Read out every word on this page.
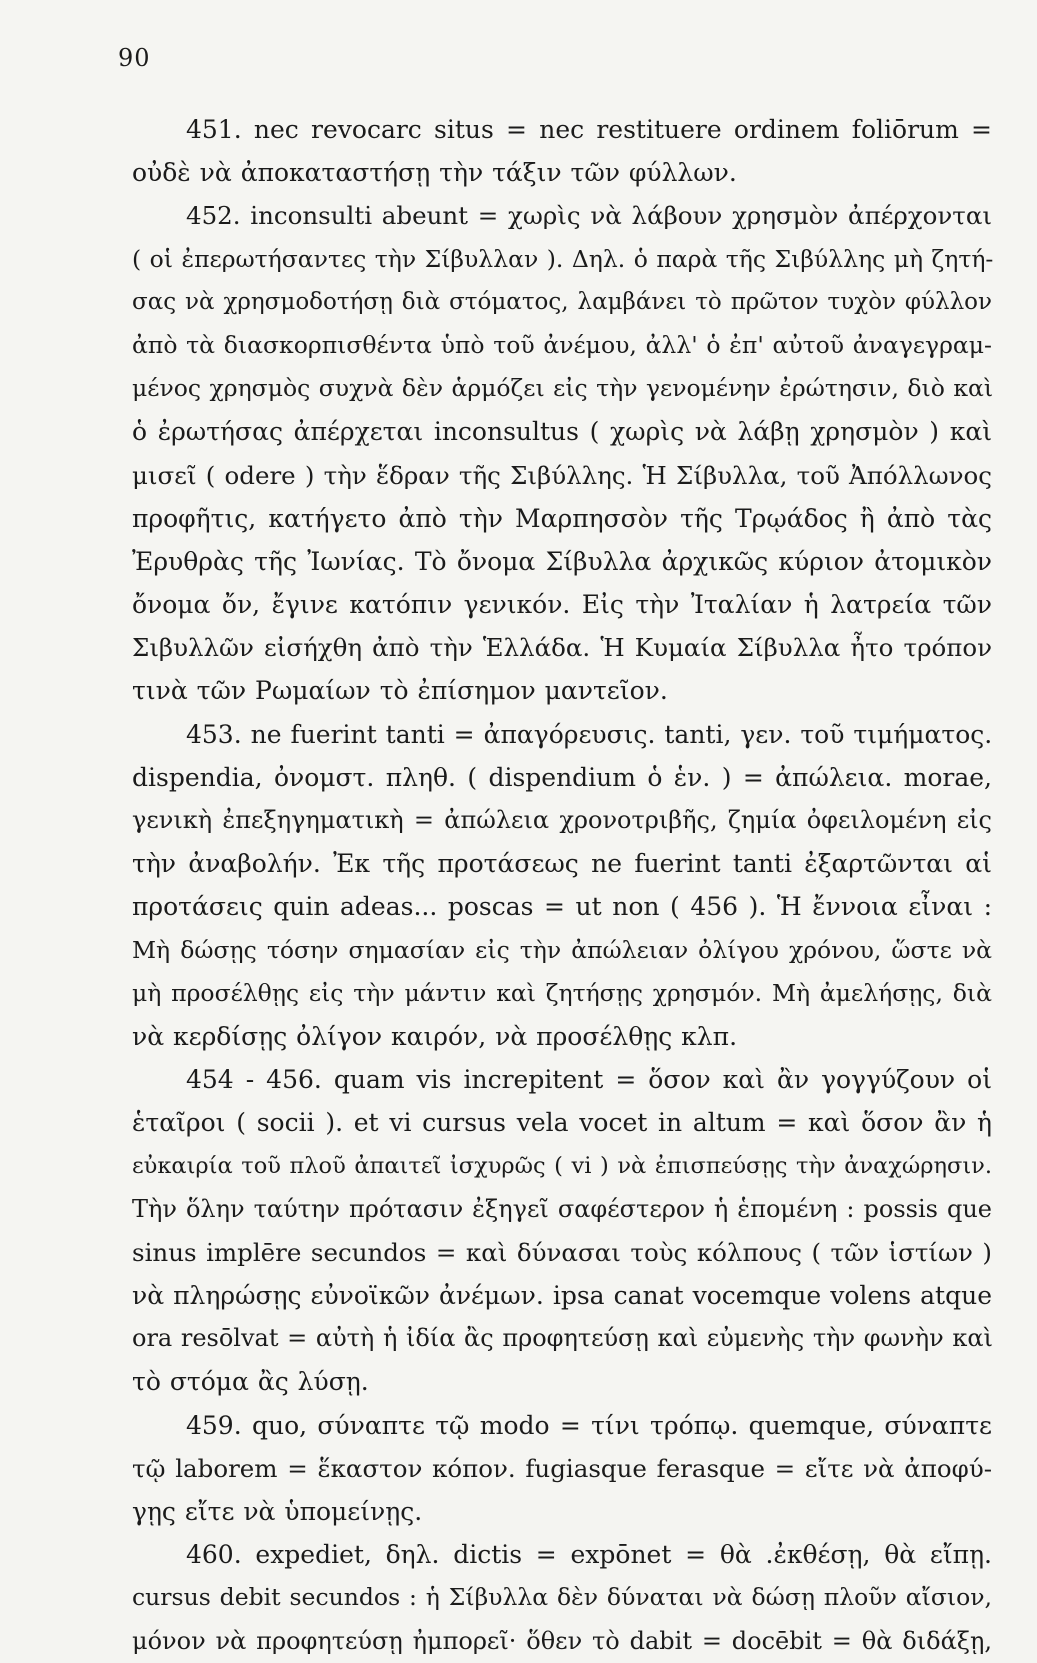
90
451. nec revocarc situs = nec restituere ordinem foliōrum =
οὐδὲ νὰ ἀποκαταστήσῃ τὴν τάξιν τῶν φύλλων.
452. inconsulti abeunt = χωρὶς νὰ λάβουν χρησμὸν ἀπέρχονται
( οἱ ἐπερωτήσαντες τὴν Σίβυλλαν ). Δηλ. ὁ παρὰ τῆς Σιβύλλης μὴ ζητή-
σας νὰ χρησμοδοτήσῃ διὰ στόματος, λαμβάνει τὸ πρῶτον τυχὸν φύλλον
ἀπὸ τὰ διασκορπισθέντα ὑπὸ τοῦ ἀνέμου, ἀλλ' ὁ ἐπ' αὐτοῦ ἀναγεγραμ-
μένος χρησμὸς συχνὰ δὲν ἁρμόζει εἰς τὴν γενομένην ἐρώτησιν, διὸ καὶ
ὁ ἐρωτήσας ἀπέρχεται inconsultus ( χωρὶς νὰ λάβῃ χρησμὸν ) καὶ
μισεῖ ( odere ) τὴν ἕδραν τῆς Σιβύλλης. Ἡ Σίβυλλα, τοῦ Ἀπόλλωνος
προφῆτις, κατήγετο ἀπὸ τὴν Μαρπησσὸν τῆς Τρῳάδος ἢ ἀπὸ τὰς
Ἐρυθρὰς τῆς Ἰωνίας. Τὸ ὄνομα Σίβυλλα ἀρχικῶς κύριον ἀτομικὸν
ὄνομα ὄν, ἔγινε κατόπιν γενικόν. Εἰς τὴν Ἰταλίαν ἡ λατρεία τῶν
Σιβυλλῶν εἰσήχθη ἀπὸ τὴν Ἑλλάδα. Ἡ Κυμαία Σίβυλλα ἦτο τρόπον
τινὰ τῶν Ρωμαίων τὸ ἐπίσημον μαντεῖον.
453. ne fuerint tanti = ἀπαγόρευσις. tanti, γεν. τοῦ τιμήματος.
dispendia, ὀνομστ. πληθ. ( dispendium ὁ ἑν. ) = ἀπώλεια. morae,
γενικὴ ἐπεξηγηματικὴ = ἀπώλεια χρονοτριβῆς, ζημία ὀφειλομένη εἰς
τὴν ἀναβολήν. Ἐκ τῆς προτάσεως ne fuerint tanti ἐξαρτῶνται αἱ
προτάσεις quin adeas... poscas = ut non ( 456 ). Ἡ ἔννοια εἶναι :
Μὴ δώσῃς τόσην σημασίαν εἰς τὴν ἀπώλειαν ὀλίγου χρόνου, ὥστε νὰ
μὴ προσέλθῃς εἰς τὴν μάντιν καὶ ζητήσῃς χρησμόν. Μὴ ἀμελήσῃς, διὰ
νὰ κερδίσῃς ὀλίγον καιρόν, νὰ προσέλθῃς κλπ.
454 - 456. quam vis increpitent = ὅσον καὶ ἂν γογγύζουν οἱ
ἑταῖροι ( socii ). et vi cursus vela vocet in altum = καὶ ὅσον ἂν ἡ
εὐκαιρία τοῦ πλοῦ ἀπαιτεῖ ἰσχυρῶς ( vi ) νὰ ἐπισπεύσῃς τὴν ἀναχώρησιν.
Τὴν ὅλην ταύτην πρότασιν ἐξηγεῖ σαφέστερον ἡ ἑπομένη : possis que
sinus implēre secundos = καὶ δύνασαι τοὺς κόλπους ( τῶν ἱστίων )
νὰ πληρώσῃς εὐνοϊκῶν ἀνέμων. ipsa canat vocemque volens atque
ora resōlvat = αὐτὴ ἡ ἰδία ἂς προφητεύσῃ καὶ εὐμενὴς τὴν φωνὴν καὶ
τὸ στόμα ἂς λύσῃ.
459. quo, σύναπτε τῷ modo = τίνι τρόπῳ. quemque, σύναπτε
τῷ laborem = ἕκαστον κόπον. fugiasque ferasque = εἴτε νὰ ἀποφύ-
γῃς εἴτε νὰ ὑπομείνῃς.
460. expediet, δηλ. dictis = expōnet = θὰ .ἐκθέσῃ, θὰ εἴπῃ.
cursus debit secundos : ἡ Σίβυλλα δὲν δύναται νὰ δώσῃ πλοῦν αἴσιον,
μόνον νὰ προφητεύσῃ ἠμπορεῖ· ὅθεν τὸ dabit = docēbit = θὰ διδάξῃ,
